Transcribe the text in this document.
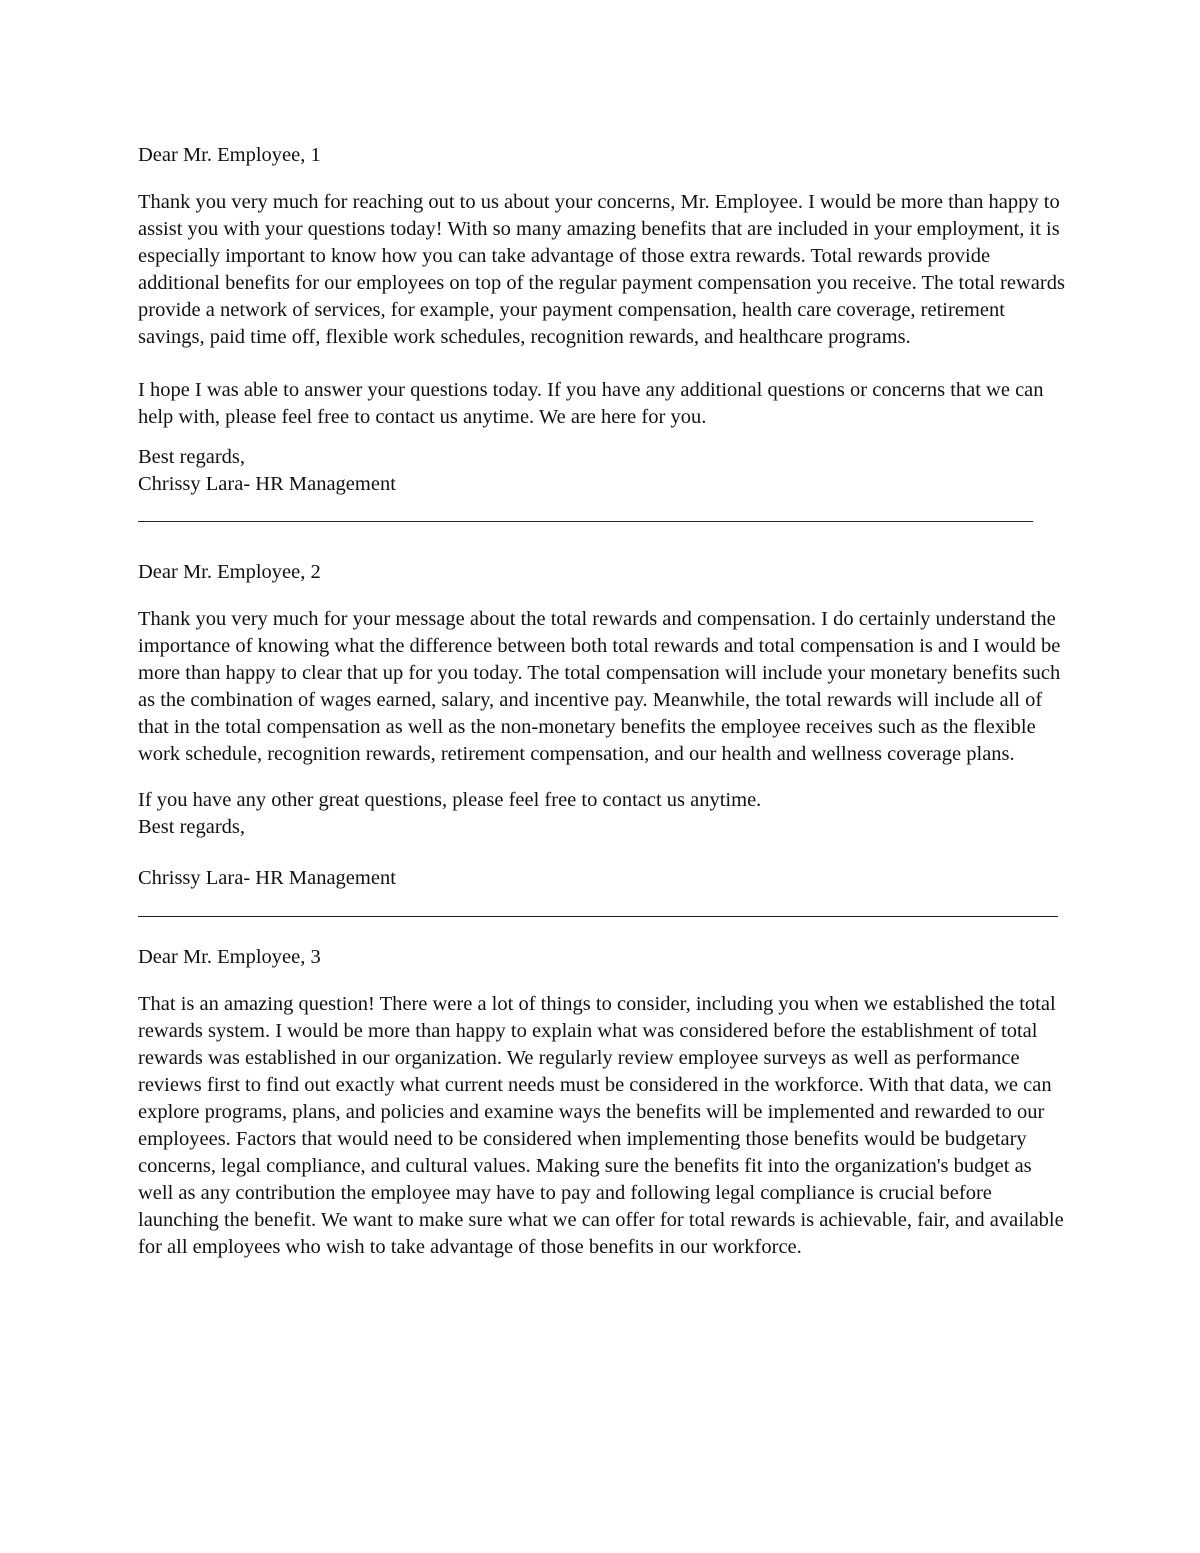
Dear Mr. Employee, 1

Thank you very much for reaching out to us about your concerns, Mr. Employee. I would be more than happy to assist you with your questions today! With so many amazing benefits that are included in your employment, it is especially important to know how you can take advantage of those extra rewards. Total rewards provide additional benefits for our employees on top of the regular payment compensation you receive. The total rewards provide a network of services, for example, your payment compensation, health care coverage, retirement savings, paid time off, flexible work schedules, recognition rewards, and healthcare programs.

I hope I was able to answer your questions today. If you have any additional questions or concerns that we can help with, please feel free to contact us anytime. We are here for you.

Best regards,

Chrissy Lara- HR Management

Dear Mr. Employee, 2

Thank you very much for your message about the total rewards and compensation. I do certainly understand the importance of knowing what the difference between both total rewards and total compensation is and I would be more than happy to clear that up for you today. The total compensation will include your monetary benefits such as the combination of wages earned, salary, and incentive pay. Meanwhile, the total rewards will include all of that in the total compensation as well as the non-monetary benefits the employee receives such as the flexible work schedule, recognition rewards, retirement compensation, and our health and wellness coverage plans.

If you have any other great questions, please feel free to contact us anytime.

Best regards,

Chrissy Lara- HR Management

Dear Mr. Employee, 3

That is an amazing question! There were a lot of things to consider, including you when we established the total rewards system. I would be more than happy to explain what was considered before the establishment of total rewards was established in our organization. We regularly review employee surveys as well as performance reviews first to find out exactly what current needs must be considered in the workforce. With that data, we can explore programs, plans, and policies and examine ways the benefits will be implemented and rewarded to our employees. Factors that would need to be considered when implementing those benefits would be budgetary concerns, legal compliance, and cultural values. Making sure the benefits fit into the organization's budget as well as any contribution the employee may have to pay and following legal compliance is crucial before launching the benefit. We want to make sure what we can offer for total rewards is achievable, fair, and available for all employees who wish to take advantage of those benefits in our workforce.
